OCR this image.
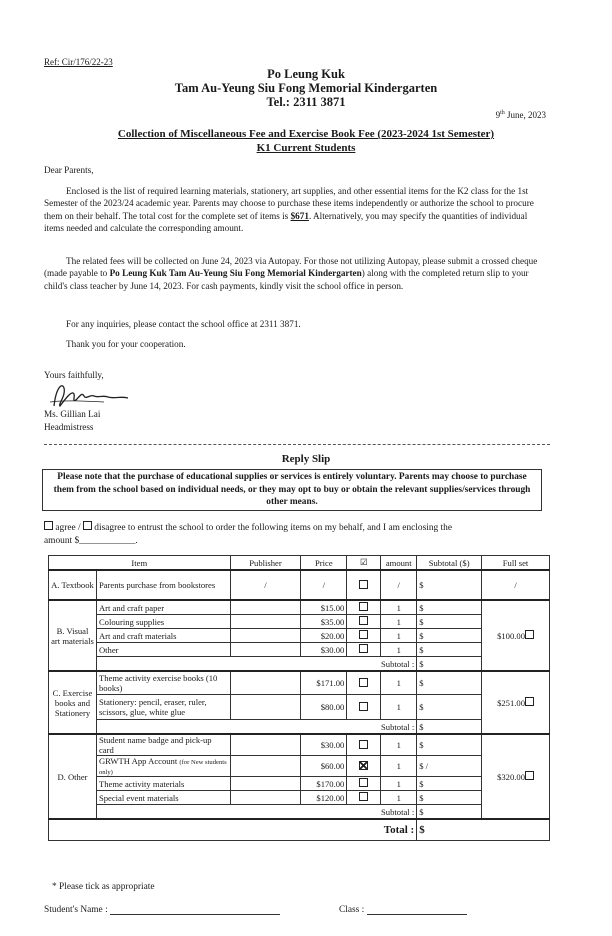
Ref: Cir/176/22-23
Po Leung Kuk
Tam Au-Yeung Siu Fong Memorial Kindergarten
Tel.: 2311 3871
9th June, 2023
Collection of Miscellaneous Fee and Exercise Book Fee (2023-2024 1st Semester)
K1 Current Students
Dear Parents,
Enclosed is the list of required learning materials, stationery, art supplies, and other essential items for the K2 class for the 1st Semester of the 2023/24 academic year. Parents may choose to purchase these items independently or authorize the school to procure them on their behalf. The total cost for the complete set of items is $671. Alternatively, you may specify the quantities of individual items needed and calculate the corresponding amount.
The related fees will be collected on June 24, 2023 via Autopay. For those not utilizing Autopay, please submit a crossed cheque (made payable to Po Leung Kuk Tam Au-Yeung Siu Fong Memorial Kindergarten) along with the completed return slip to your child's class teacher by June 14, 2023. For cash payments, kindly visit the school office in person.
For any inquiries, please contact the school office at 2311 3871.
Thank you for your cooperation.
Yours faithfully,
Ms. Gillian Lai
Headmistress
Reply Slip
Please note that the purchase of educational supplies or services is entirely voluntary. Parents may choose to purchase them from the school based on individual needs, or they may opt to buy or obtain the relevant supplies/services through other means.
agree / disagree to entrust the school to order the following items on my behalf, and I am enclosing the
amount $____________.
Item		Publisher	Price	☑	amount	Subtotal ($)	Full set
A. Textbook	Parents purchase from bookstores	/	/		/	$	/
B. Visual art materials	Art and craft paper		$15.00		1	$	$100.00
	Colouring supplies		$35.00		1	$	
	Art and craft materials		$20.00		1	$	
	Other		$30.00		1	$	
	Subtotal :					$	
C. Exercise books and Stationery	Theme activity exercise books (10 books)		$171.00		1	$	$251.00
	Stationery: pencil, eraser, ruler, scissors, glue, white glue		$80.00		1	$	
	Subtotal :					$	
D. Other	Student name badge and pick-up card		$30.00		1	$	$320.00
	GRWTH App Account (for New students only)		$60.00		1	$ /	
	Theme activity materials		$170.00		1	$	
	Special event materials		$120.00		1	$	
	Subtotal :					$	
Total :						$	
* Please tick as appropriate
Student's Name :	Class :
